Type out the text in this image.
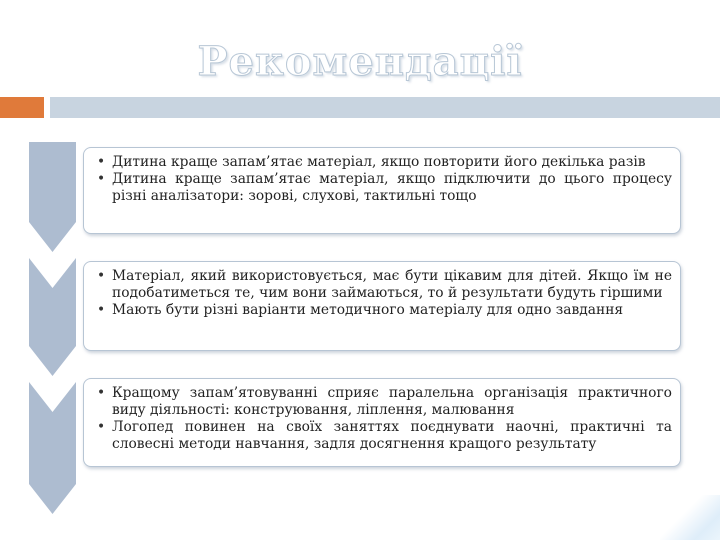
Рекомендації
• Дитина краще запам’ятає матеріал, якщо повторити його декілька разів
• Дитина краще запам’ятає матеріал, якщо підключити до цього процесу різні аналізатори: зорові, слухові, тактильні тощо
• Матеріал, який використовується, має бути цікавим для дітей. Якщо їм не подобатиметься те, чим вони займаються, то й результати будуть гіршими
• Мають бути різні варіанти методичного матеріалу для одно завдання
• Кращому запам’ятовуванні сприяє паралельна організація практичного виду діяльності: конструювання, ліплення, малювання
• Логопед повинен на своїх заняттях поєднувати наочні, практичні та словесні методи навчання, задля досягнення кращого результату
